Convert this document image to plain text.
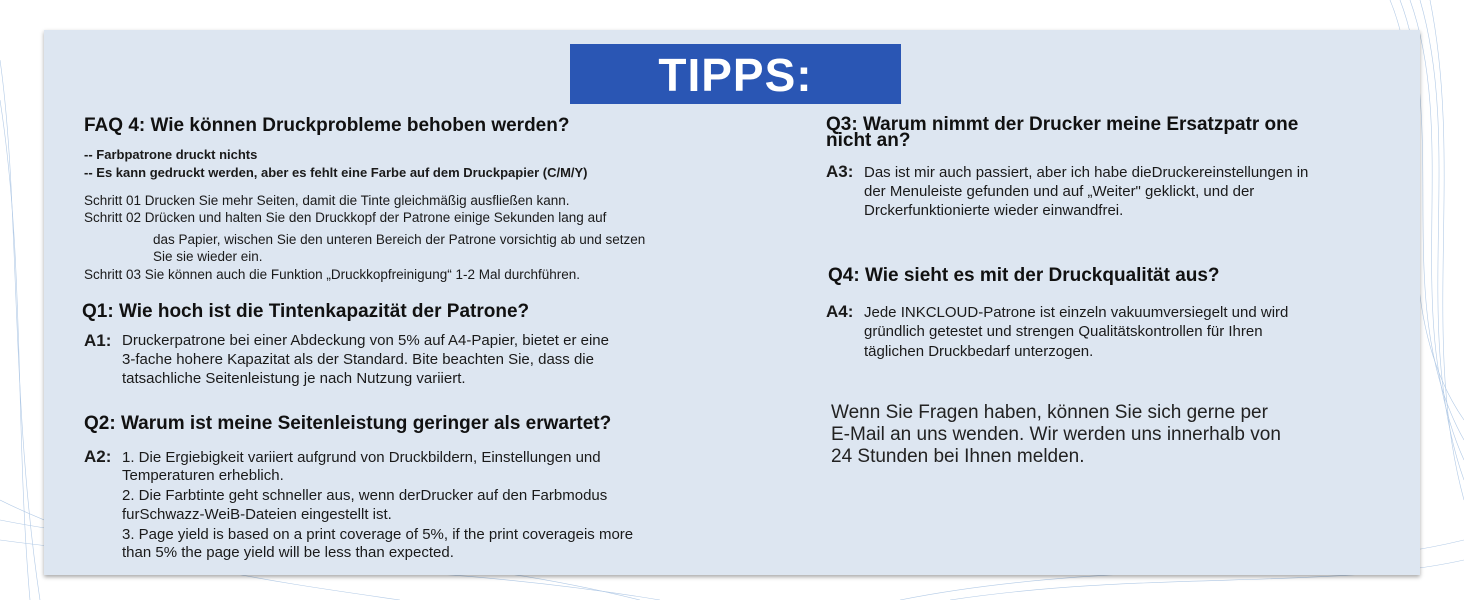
TIPPS:
FAQ 4: Wie können Druckprobleme behoben werden?
-- Farbpatrone druckt nichts
-- Es kann gedruckt werden, aber es fehlt eine Farbe auf dem Druckpapier (C/M/Y)
Schritt 01 Drucken Sie mehr Seiten, damit die Tinte gleichmäßig ausfließen kann.
Schritt 02 Drücken und halten Sie den Druckkopf der Patrone einige Sekunden lang auf
das Papier, wischen Sie den unteren Bereich der Patrone vorsichtig ab und setzen
Sie sie wieder ein.
Schritt 03 Sie können auch die Funktion „Druckkopfreinigung“ 1-2 Mal durchführen.
Q1: Wie hoch ist die Tintenkapazität der Patrone?
A1: Druckerpatrone bei einer Abdeckung von 5% auf A4-Papier, bietet er eine
3-fache hohere Kapazitat als der Standard. Bite beachten Sie, dass die
tatsachliche Seitenleistung je nach Nutzung variiert.
Q2: Warum ist meine Seitenleistung geringer als erwartet?
A2: 1. Die Ergiebigkeit variiert aufgrund von Druckbildern, Einstellungen und
Temperaturen erheblich.
2. Die Farbtinte geht schneller aus, wenn derDrucker auf den Farbmodus
furSchwazz-WeiB-Dateien eingestellt ist.
3. Page yield is based on a print coverage of 5%, if the print coverageis more
than 5% the page yield will be less than expected.
Q3: Warum nimmt der Drucker meine Ersatzpatr one
nicht an?
A3: Das ist mir auch passiert, aber ich habe dieDruckereinstellungen in
der Menuleiste gefunden und auf „Weiter" geklickt, und der
Drckerfunktionierte wieder einwandfrei.
Q4: Wie sieht es mit der Druckqualität aus?
A4: Jede INKCLOUD-Patrone ist einzeln vakuumversiegelt und wird
gründlich getestet und strengen Qualitätskontrollen für Ihren
täglichen Druckbedarf unterzogen.
Wenn Sie Fragen haben, können Sie sich gerne per
E-Mail an uns wenden. Wir werden uns innerhalb von
24 Stunden bei Ihnen melden.
